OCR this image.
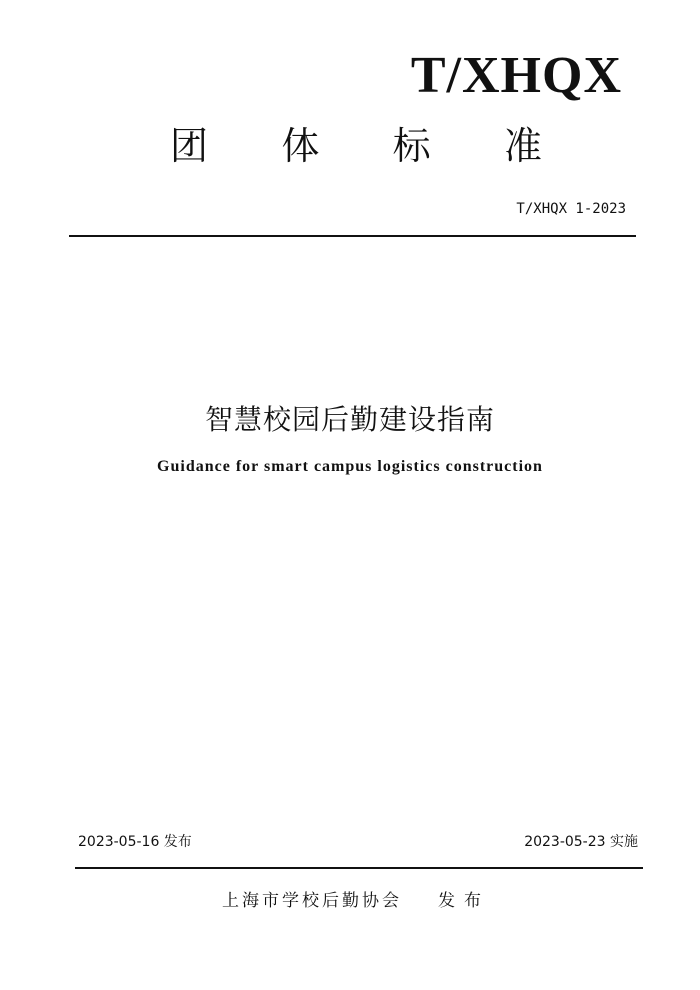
T/XHQX
团 体 标 准
T/XHQX 1-2023
智慧校园后勤建设指南
Guidance for smart campus logistics construction
2023-05-16 发布	2023-05-23 实施
上海市学校后勤协会 发布
